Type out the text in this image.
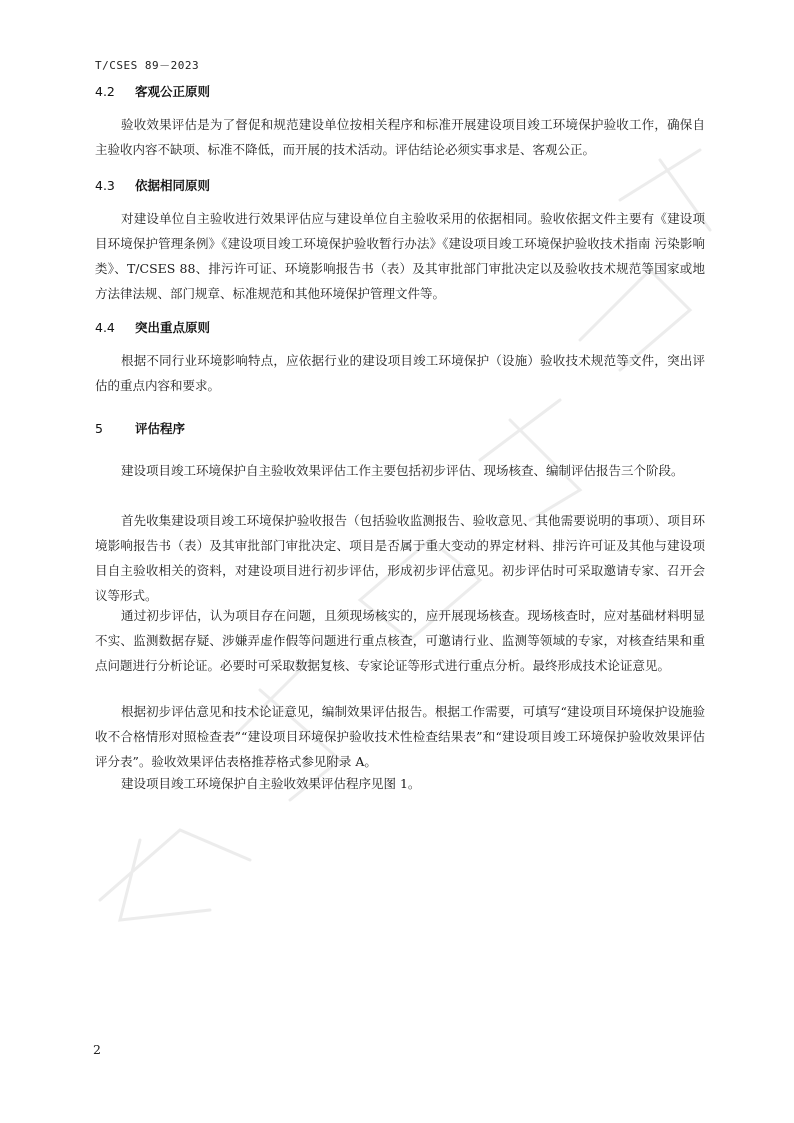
T/CSES 89－2023
4.2 客观公正原则

验收效果评估是为了督促和规范建设单位按相关程序和标准开展建设项目竣工环境保护验收工作，确保自主验收内容不缺项、标准不降低，而开展的技术活动。评估结论必须实事求是、客观公正。

4.3 依据相同原则

对建设单位自主验收进行效果评估应与建设单位自主验收采用的依据相同。验收依据文件主要有《建设项目环境保护管理条例》《建设项目竣工环境保护验收暂行办法》《建设项目竣工环境保护验收技术指南 污染影响类》、T/CSES 88、排污许可证、环境影响报告书（表）及其审批部门审批决定以及验收技术规范等国家或地方法律法规、部门规章、标准规范和其他环境保护管理文件等。

4.4 突出重点原则

根据不同行业环境影响特点，应依据行业的建设项目竣工环境保护（设施）验收技术规范等文件，突出评估的重点内容和要求。

5	评估程序

建设项目竣工环境保护自主验收效果评估工作主要包括初步评估、现场核查、编制评估报告三个阶段。

首先收集建设项目竣工环境保护验收报告（包括验收监测报告、验收意见、其他需要说明的事项）、项目环境影响报告书（表）及其审批部门审批决定、项目是否属于重大变动的界定材料、排污许可证及其他与建设项目自主验收相关的资料，对建设项目进行初步评估，形成初步评估意见。初步评估时可采取邀请专家、召开会议等形式。

通过初步评估，认为项目存在问题，且须现场核实的，应开展现场核查。现场核查时，应对基础材料明显不实、监测数据存疑、涉嫌弄虚作假等问题进行重点核查，可邀请行业、监测等领域的专家，对核查结果和重点问题进行分析论证。必要时可采取数据复核、专家论证等形式进行重点分析。最终形成技术论证意见。

根据初步评估意见和技术论证意见，编制效果评估报告。根据工作需要，可填写“建设项目环境保护设施验收不合格情形对照检查表”“建设项目环境保护验收技术性检查结果表”和“建设项目竣工环境保护验收效果评估评分表”。验收效果评估表格推荐格式参见附录 A。

建设项目竣工环境保护自主验收效果评估程序见图 1。

2
